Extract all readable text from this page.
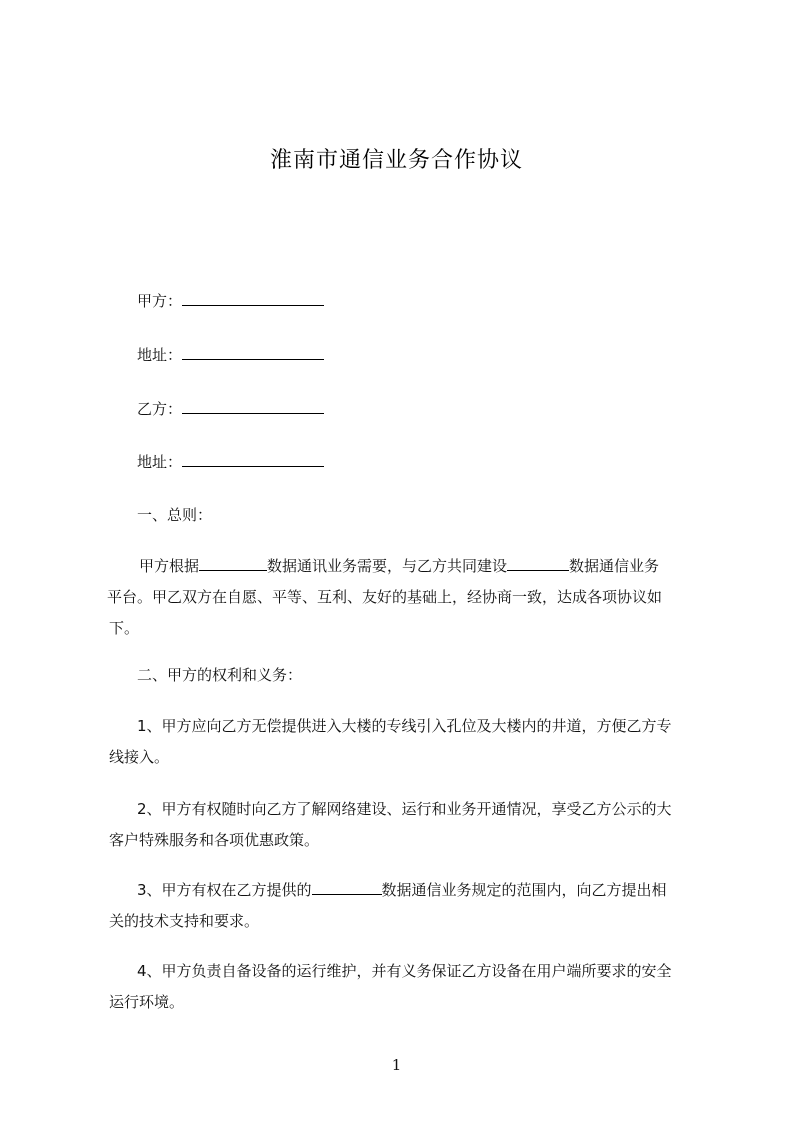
淮南市通信业务合作协议
甲方：
地址：
乙方：
地址：
一、总则：
甲方根据	数据通讯业务需要，与乙方共同建设	数据通信业务
平台。甲乙双方在自愿、平等、互利、友好的基础上，经协商一致，达成各项协议如
下。
二、甲方的权利和义务：
1、甲方应向乙方无偿提供进入大楼的专线引入孔位及大楼内的井道，方便乙方专
线接入。
2、甲方有权随时向乙方了解网络建设、运行和业务开通情况，享受乙方公示的大
客户特殊服务和各项优惠政策。
3、甲方有权在乙方提供的	数据通信业务规定的范围内，向乙方提出相
关的技术支持和要求。
4、甲方负责自备设备的运行维护，并有义务保证乙方设备在用户端所要求的安全
运行环境。
1
